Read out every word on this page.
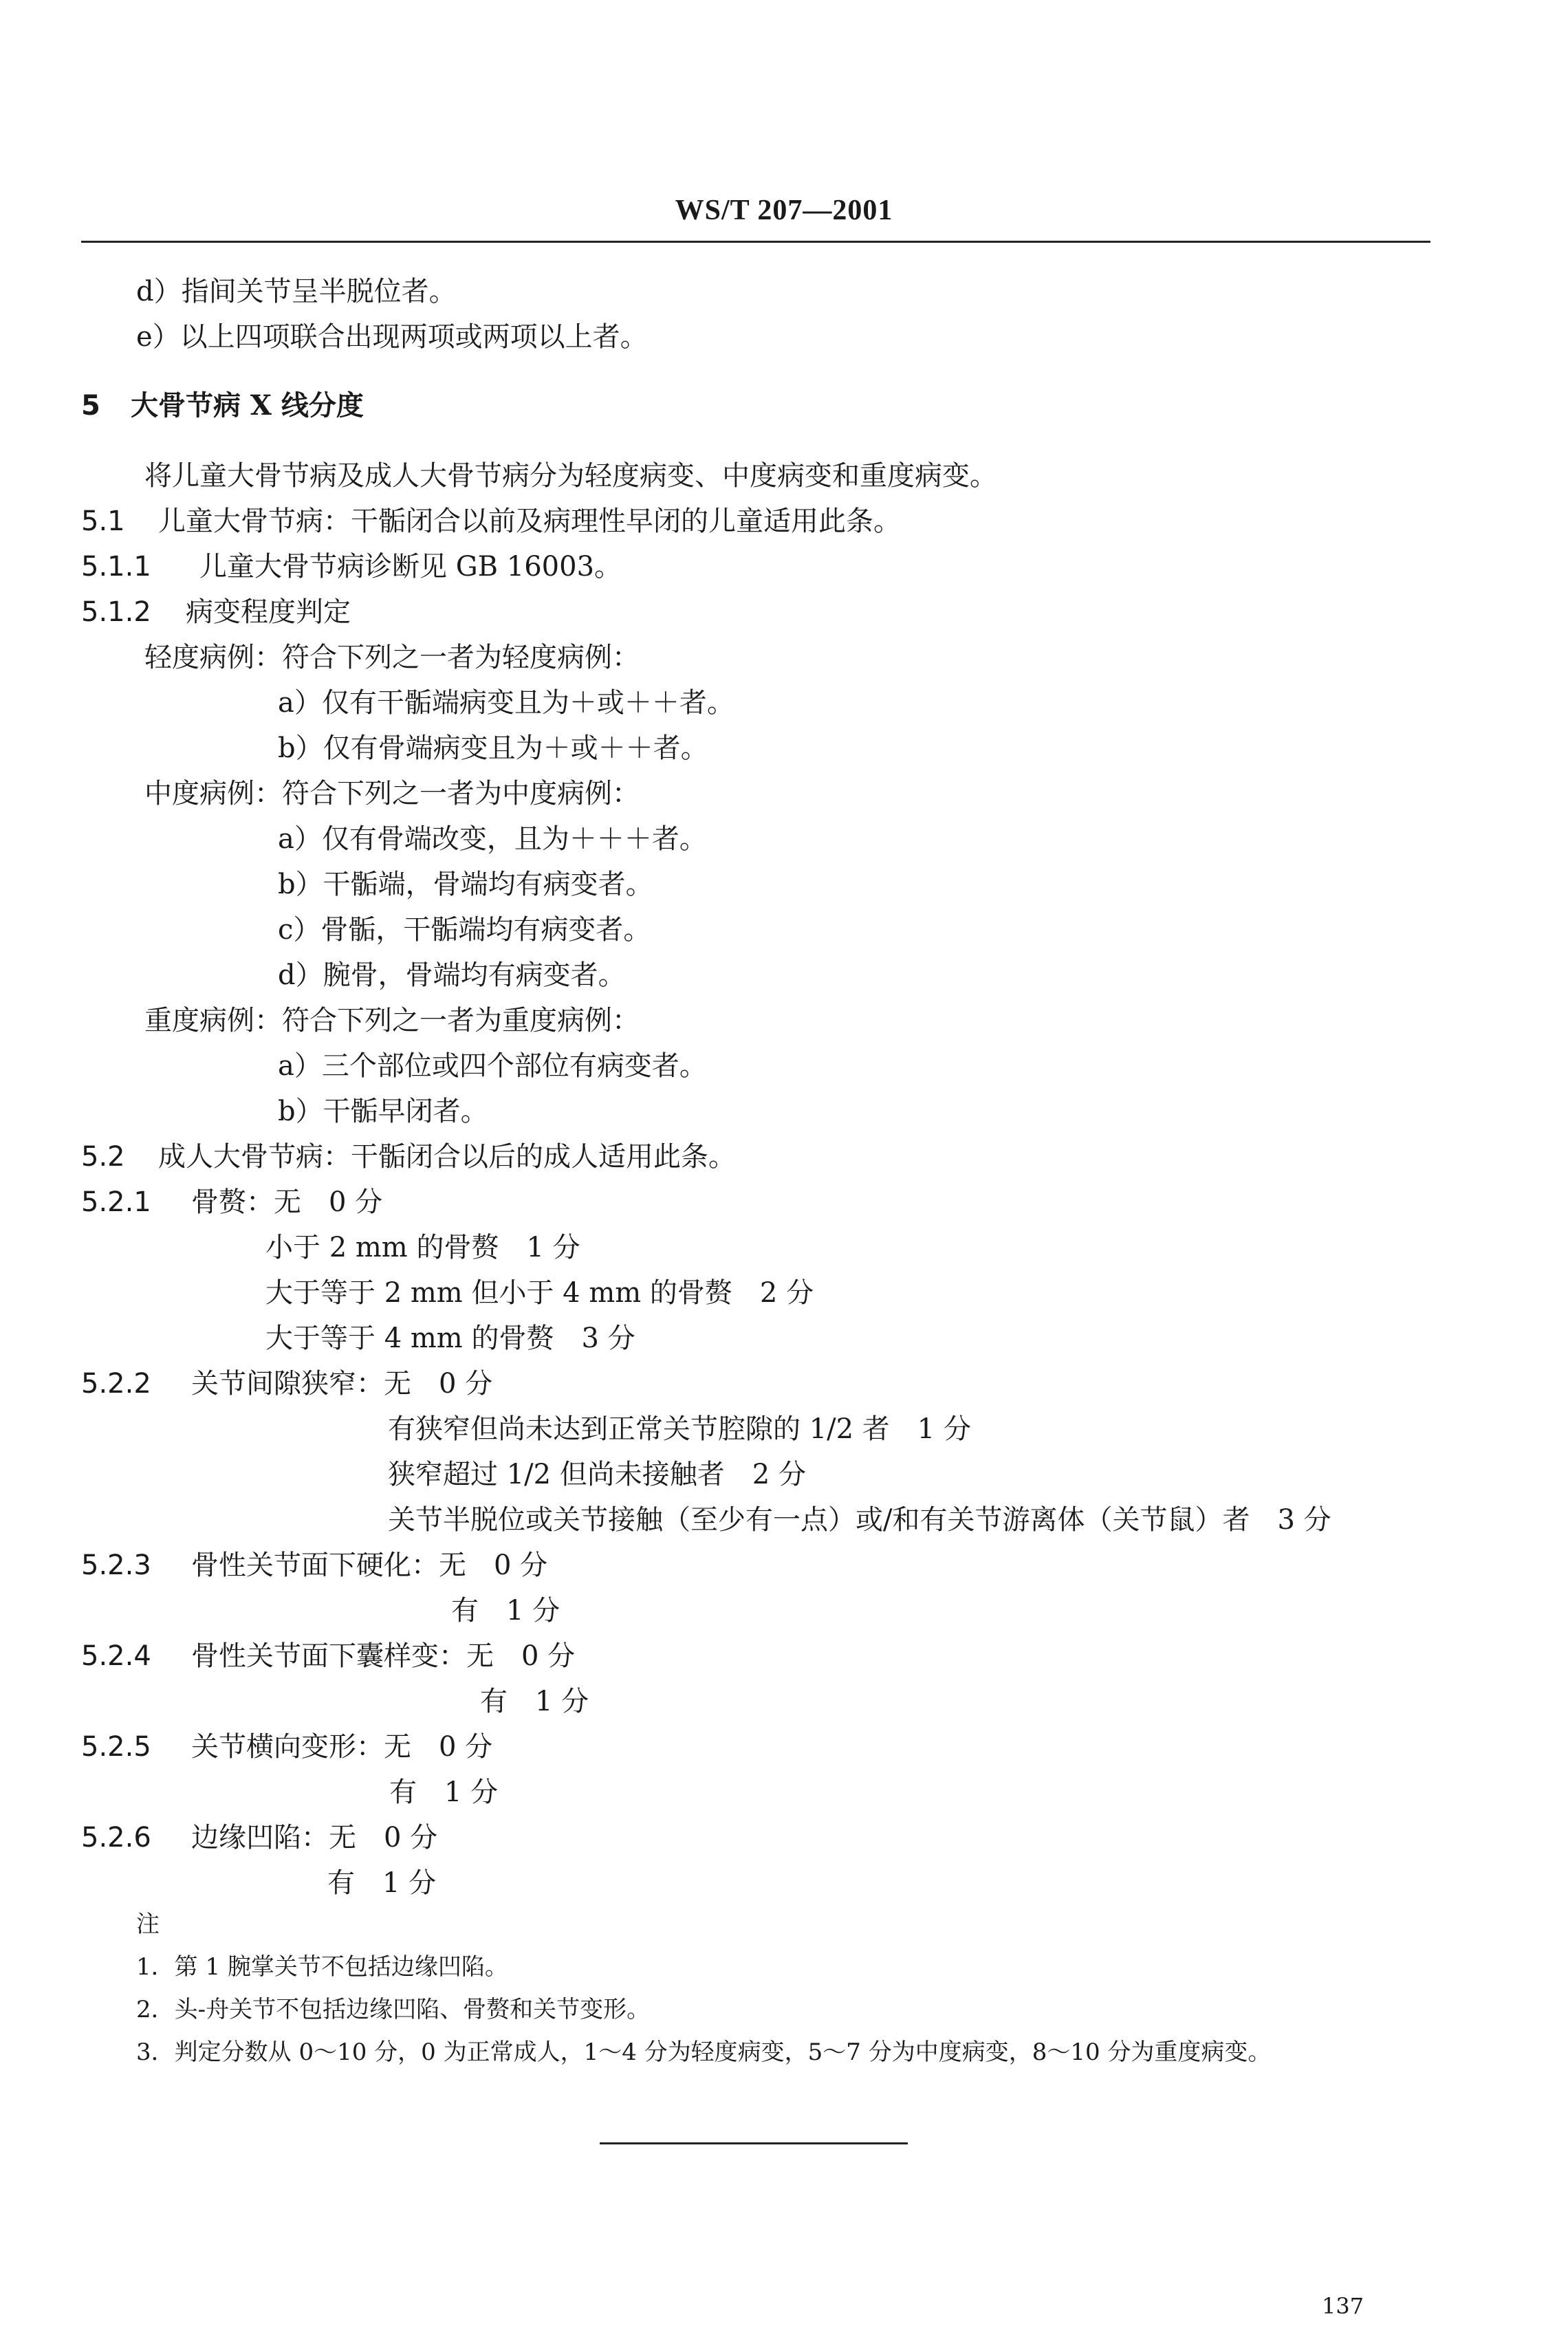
WS/T 207—2001
d）指间关节呈半脱位者。
e）以上四项联合出现两项或两项以上者。
5 大骨节病 X 线分度
将儿童大骨节病及成人大骨节病分为轻度病变、中度病变和重度病变。
5.1 儿童大骨节病：干骺闭合以前及病理性早闭的儿童适用此条。
5.1.1 儿童大骨节病诊断见 GB 16003。
5.1.2 病变程度判定
轻度病例：符合下列之一者为轻度病例：
a）仅有干骺端病变且为＋或＋＋者。
b）仅有骨端病变且为＋或＋＋者。
中度病例：符合下列之一者为中度病例：
a）仅有骨端改变，且为＋＋＋者。
b）干骺端，骨端均有病变者。
c）骨骺，干骺端均有病变者。
d）腕骨，骨端均有病变者。
重度病例：符合下列之一者为重度病例：
a）三个部位或四个部位有病变者。
b）干骺早闭者。
5.2 成人大骨节病：干骺闭合以后的成人适用此条。
5.2.1 骨赘：无　0 分
小于 2 mm 的骨赘　1 分
大于等于 2 mm 但小于 4 mm 的骨赘　2 分
大于等于 4 mm 的骨赘　3 分
5.2.2 关节间隙狭窄：无　0 分
有狭窄但尚未达到正常关节腔隙的 1/2 者　1 分
狭窄超过 1/2 但尚未接触者　2 分
关节半脱位或关节接触（至少有一点）或/和有关节游离体（关节鼠）者　3 分
5.2.3 骨性关节面下硬化：无　0 分
有　1 分
5.2.4 骨性关节面下囊样变：无　0 分
有　1 分
5.2.5 关节横向变形：无　0 分
有　1 分
5.2.6 边缘凹陷：无　0 分
有　1 分
注
1．第 1 腕掌关节不包括边缘凹陷。
2．头-舟关节不包括边缘凹陷、骨赘和关节变形。
3．判定分数从 0～10 分，0 为正常成人，1～4 分为轻度病变，5～7 分为中度病变，8～10 分为重度病变。
137
